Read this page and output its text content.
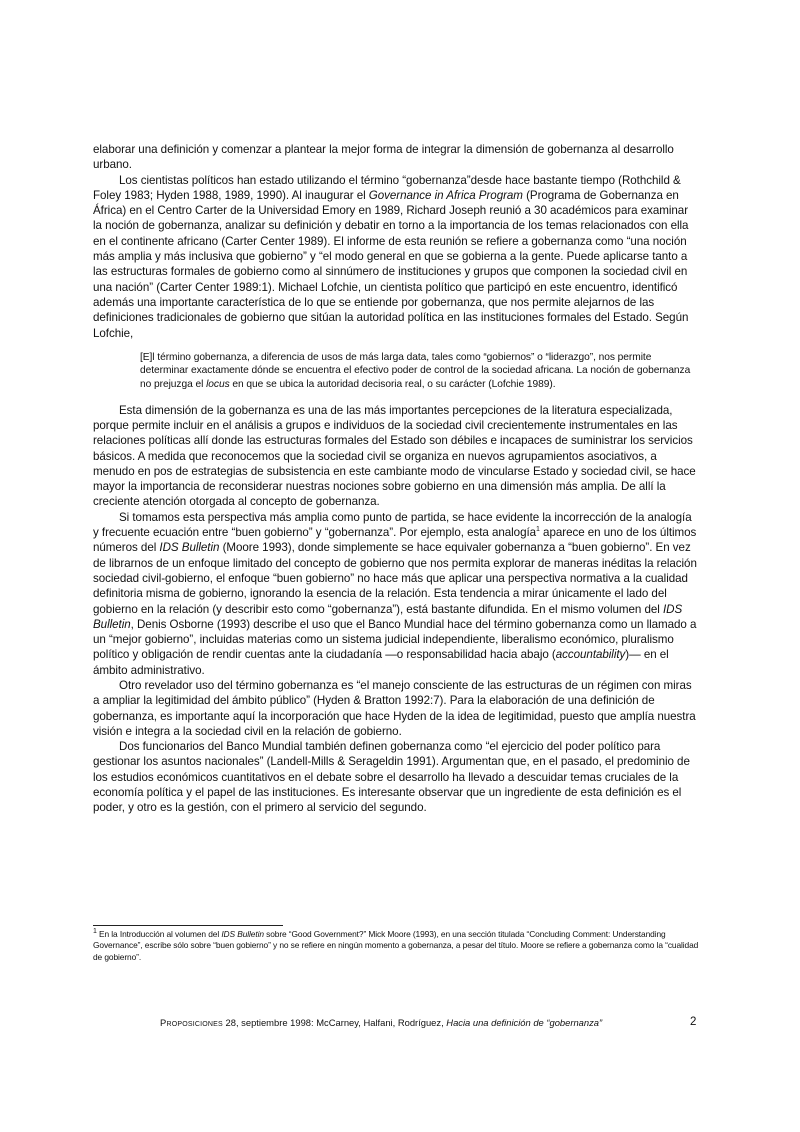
elaborar una definición y comenzar a plantear la mejor forma de integrar la dimensión de gobernanza al desarrollo urbano.

Los cientistas políticos han estado utilizando el término “gobernanza”desde hace bastante tiempo (Rothchild & Foley 1983; Hyden 1988, 1989, 1990). Al inaugurar el Governance in Africa Program (Programa de Gobernanza en África) en el Centro Carter de la Universidad Emory en 1989, Richard Joseph reunió a 30 académicos para examinar la noción de gobernanza, analizar su definición y debatir en torno a la importancia de los temas relacionados con ella en el continente africano (Carter Center 1989). El informe de esta reunión se refiere a gobernanza como “una noción más amplia y más inclusiva que gobierno” y “el modo general en que se gobierna a la gente. Puede aplicarse tanto a las estructuras formales de gobierno como al sinnúmero de instituciones y grupos que componen la sociedad civil en una nación” (Carter Center 1989:1). Michael Lofchie, un cientista político que participó en este encuentro, identificó además una importante característica de lo que se entiende por gobernanza, que nos permite alejarnos de las definiciones tradicionales de gobierno que sitúan la autoridad política en las instituciones formales del Estado. Según Lofchie,

[E]l término gobernanza, a diferencia de usos de más larga data, tales como “gobiernos” o “liderazgo”, nos permite determinar exactamente dónde se encuentra el efectivo poder de control de la sociedad africana. La noción de gobernanza no prejuzga el locus en que se ubica la autoridad decisoria real, o su carácter (Lofchie 1989).

Esta dimensión de la gobernanza es una de las más importantes percepciones de la literatura especializada, porque permite incluir en el análisis a grupos e individuos de la sociedad civil crecientemente instrumentales en las relaciones políticas allí donde las estructuras formales del Estado son débiles e incapaces de suministrar los servicios básicos. A medida que reconocemos que la sociedad civil se organiza en nuevos agrupamientos asociativos, a menudo en pos de estrategias de subsistencia en este cambiante modo de vincularse Estado y sociedad civil, se hace mayor la importancia de reconsiderar nuestras nociones sobre gobierno en una dimensión más amplia. De allí la creciente atención otorgada al concepto de gobernanza.

Si tomamos esta perspectiva más amplia como punto de partida, se hace evidente la incorrección de la analogía y frecuente ecuación entre “buen gobierno” y “gobernanza”. Por ejemplo, esta analogía$^1$ aparece en uno de los últimos números del IDS Bulletin (Moore 1993), donde simplemente se hace equivaler gobernanza a “buen gobierno”. En vez de librarnos de un enfoque limitado del concepto de gobierno que nos permita explorar de maneras inéditas la relación sociedad civil-gobierno, el enfoque “buen gobierno” no hace más que aplicar una perspectiva normativa a la cualidad definitoria misma de gobierno, ignorando la esencia de la relación. Esta tendencia a mirar únicamente el lado del gobierno en la relación (y describir esto como “gobernanza”), está bastante difundida. En el mismo volumen del IDS Bulletin, Denis Osborne (1993) describe el uso que el Banco Mundial hace del término gobernanza como un llamado a un “mejor gobierno”, incluidas materias como un sistema judicial independiente, liberalismo económico, pluralismo político y obligación de rendir cuentas ante la ciudadanía —o responsabilidad hacia abajo (accountability)— en el ámbito administrativo.

Otro revelador uso del término gobernanza es “el manejo consciente de las estructuras de un régimen con miras a ampliar la legitimidad del ámbito público” (Hyden & Bratton 1992:7). Para la elaboración de una definición de gobernanza, es importante aquí la incorporación que hace Hyden de la idea de legitimidad, puesto que amplía nuestra visión e integra a la sociedad civil en la relación de gobierno.

Dos funcionarios del Banco Mundial también definen gobernanza como “el ejercicio del poder político para gestionar los asuntos nacionales” (Landell-Mills & Serageldin 1991). Argumentan que, en el pasado, el predominio de los estudios económicos cuantitativos en el debate sobre el desarrollo ha llevado a descuidar temas cruciales de la economía política y el papel de las instituciones. Es interesante observar que un ingrediente de esta definición es el poder, y otro es la gestión, con el primero al servicio del segundo.

$^1$ En la Introducción al volumen del IDS Bulletin sobre “Good Government?” Mick Moore (1993), en una sección titulada “Concluding Comment: Understanding Governance”, escribe sólo sobre “buen gobierno” y no se refiere en ningún momento a gobernanza, a pesar del título. Moore se refiere a gobernanza como la “cualidad de gobierno”.
Proposiciones 28, septiembre 1998: McCarney, Halfani, Rodríguez, Hacia una definición de “gobernanza”	2
